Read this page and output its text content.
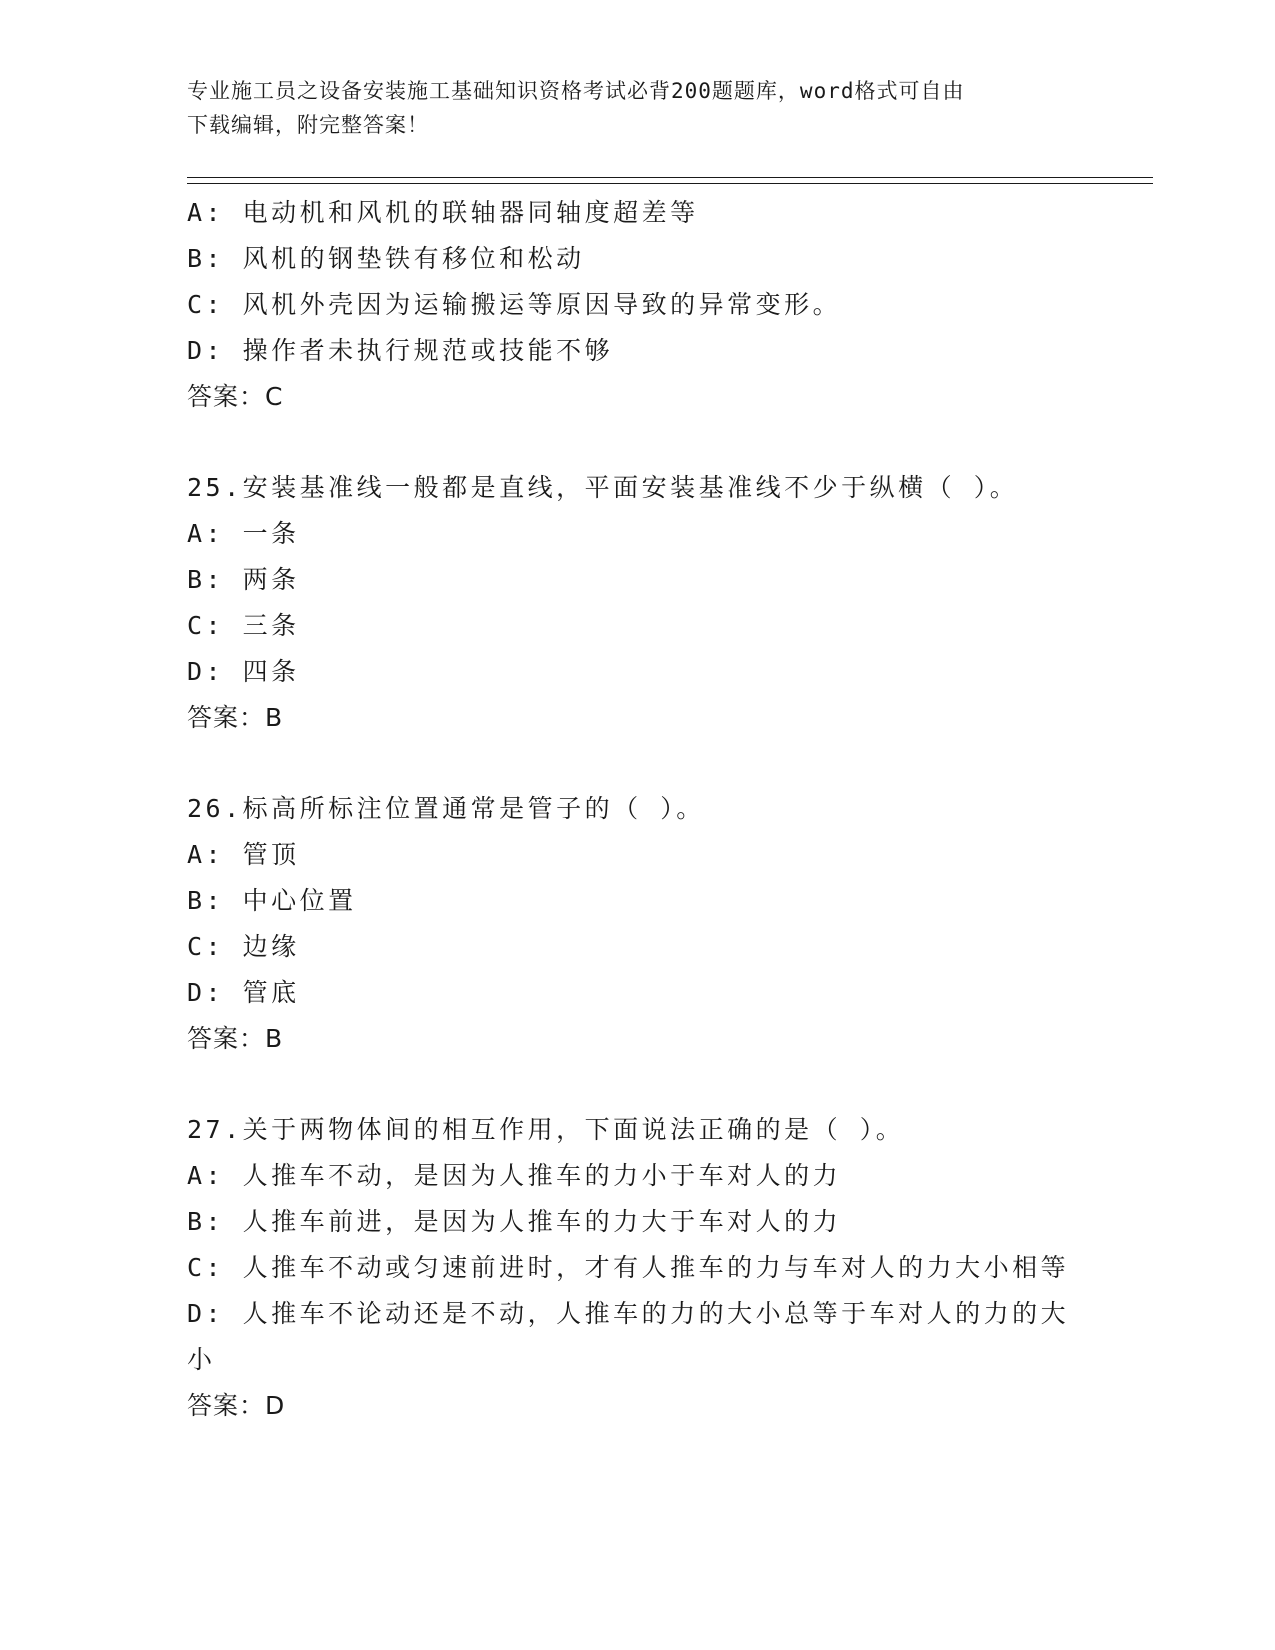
专业施工员之设备安装施工基础知识资格考试必背200题题库，word格式可自由
下载编辑，附完整答案！
A: 电动机和风机的联轴器同轴度超差等
B: 风机的钢垫铁有移位和松动
C: 风机外壳因为运输搬运等原因导致的异常变形。
D: 操作者未执行规范或技能不够
答案：C
25.安装基准线一般都是直线，平面安装基准线不少于纵横（ ）。
A: 一条
B: 两条
C: 三条
D: 四条
答案：B
26.标高所标注位置通常是管子的（ ）。
A: 管顶
B: 中心位置
C: 边缘
D: 管底
答案：B
27.关于两物体间的相互作用，下面说法正确的是（ ）。
A: 人推车不动，是因为人推车的力小于车对人的力
B: 人推车前进，是因为人推车的力大于车对人的力
C: 人推车不动或匀速前进时，才有人推车的力与车对人的力大小相等
D: 人推车不论动还是不动，人推车的力的大小总等于车对人的力的大
小
答案：D
